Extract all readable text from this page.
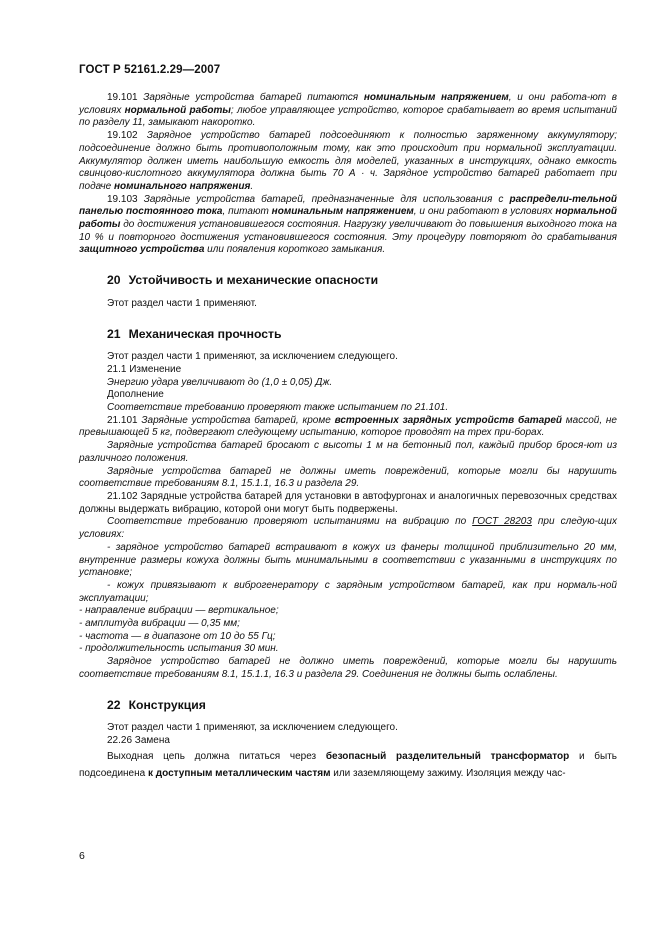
ГОСТ Р 52161.2.29—2007

19.101 Зарядные устройства батарей питаются номинальным напряжением, и они работа-ют в условиях нормальной работы; любое управляющее устройство, которое срабатывает во время испытаний по разделу 11, замыкают накоротко.

19.102 Зарядное устройство батарей подсоединяют к полностью заряженному аккумулятору; подсоединение должно быть противоположным тому, как это происходит при нормальной эксплуатации. Аккумулятор должен иметь наибольшую емкость для моделей, указанных в инструкциях, однако емкость свинцово-кислотного аккумулятора должна быть 70 А · ч. Зарядное устройство батарей работает при подаче номинального напряжения.

19.103 Зарядные устройства батарей, предназначенные для использования с распредели-тельной панелью постоянного тока, питают номинальным напряжением, и они работают в условиях нормальной работы до достижения установившегося состояния. Нагрузку увеличивают до повышения выходного тока на 10 % и повторного достижения установившегося состояния. Эту процедуру повторяют до срабатывания защитного устройства или появления короткого замыкания.

20 Устойчивость и механические опасности

Этот раздел части 1 применяют.

21 Механическая прочность

Этот раздел части 1 применяют, за исключением следующего.

21.1 Изменение

Энергию удара увеличивают до (1,0 ± 0,05) Дж.

Дополнение

Соответствие требованию проверяют также испытанием по 21.101.

21.101 Зарядные устройства батарей, кроме встроенных зарядных устройств батарей массой, не превышающей 5 кг, подвергают следующему испытанию, которое проводят на трех при-борах.

Зарядные устройства батарей бросают с высоты 1 м на бетонный пол, каждый прибор брося-ют из различного положения.

Зарядные устройства батарей не должны иметь повреждений, которые могли бы нарушить соответствие требованиям 8.1, 15.1.1, 16.3 и раздела 29.

21.102 Зарядные устройства батарей для установки в автофургонах и аналогичных перевозочных средствах должны выдержать вибрацию, которой они могут быть подвержены.

Соответствие требованию проверяют испытаниями на вибрацию по ГОСТ 28203 при следую-щих условиях:

- зарядное устройство батарей встраивают в кожух из фанеры толщиной приблизительно 20 мм, внутренние размеры кожуха должны быть минимальными в соответствии с указанными в инструкциях по установке;

- кожух привязывают к виброгенератору с зарядным устройством батарей, как при нормаль-ной эксплуатации;

- направление вибрации — вертикальное;

- амплитуда вибрации — 0,35 мм;

- частота — в диапазоне от 10 до 55 Гц;

- продолжительность испытания 30 мин.

Зарядное устройство батарей не должно иметь повреждений, которые могли бы нарушить соответствие требованиям 8.1, 15.1.1, 16.3 и раздела 29. Соединения не должны быть ослаблены.

22 Конструкция

Этот раздел части 1 применяют, за исключением следующего.

22.26 Замена

Выходная цепь должна питаться через безопасный разделительный трансформатор и быть подсоединена к доступным металлическим частям или заземляющему зажиму. Изоляция между час-

6
